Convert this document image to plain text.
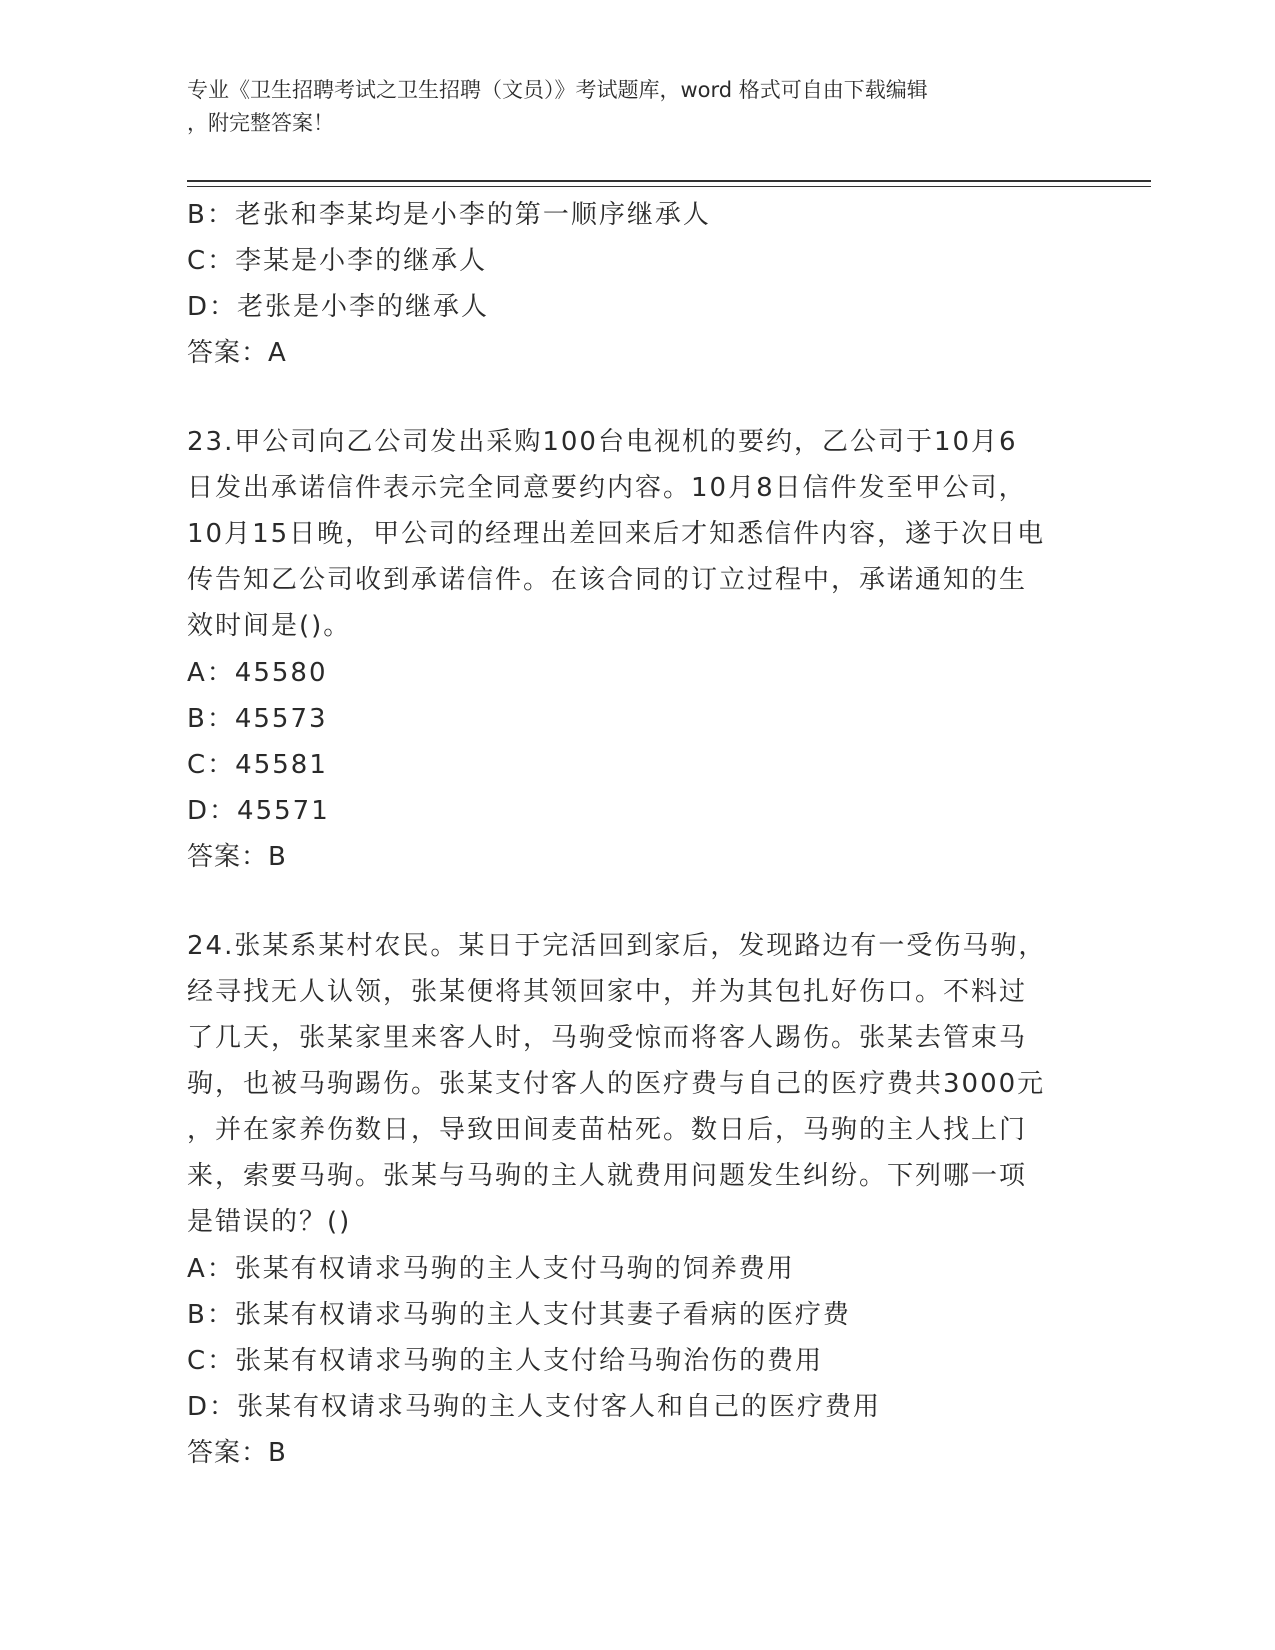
专业《卫生招聘考试之卫生招聘（文员）》考试题库，word 格式可自由下载编辑
，附完整答案！
B：老张和李某均是小李的第一顺序继承人
C：李某是小李的继承人
D：老张是小李的继承人
答案：A
23.甲公司向乙公司发出采购100台电视机的要约，乙公司于10月6
日发出承诺信件表示完全同意要约内容。10月8日信件发至甲公司，
10月15日晚，甲公司的经理出差回来后才知悉信件内容，遂于次日电
传告知乙公司收到承诺信件。在该合同的订立过程中，承诺通知的生
效时间是()。
A：45580
B：45573
C：45581
D：45571
答案：B
24.张某系某村农民。某日于完活回到家后，发现路边有一受伤马驹，
经寻找无人认领，张某便将其领回家中，并为其包扎好伤口。不料过
了几天，张某家里来客人时，马驹受惊而将客人踢伤。张某去管束马
驹，也被马驹踢伤。张某支付客人的医疗费与自己的医疗费共3000元
，并在家养伤数日，导致田间麦苗枯死。数日后，马驹的主人找上门
来，索要马驹。张某与马驹的主人就费用问题发生纠纷。下列哪一项
是错误的？()
A：张某有权请求马驹的主人支付马驹的饲养费用
B：张某有权请求马驹的主人支付其妻子看病的医疗费
C：张某有权请求马驹的主人支付给马驹治伤的费用
D：张某有权请求马驹的主人支付客人和自己的医疗费用
答案：B
